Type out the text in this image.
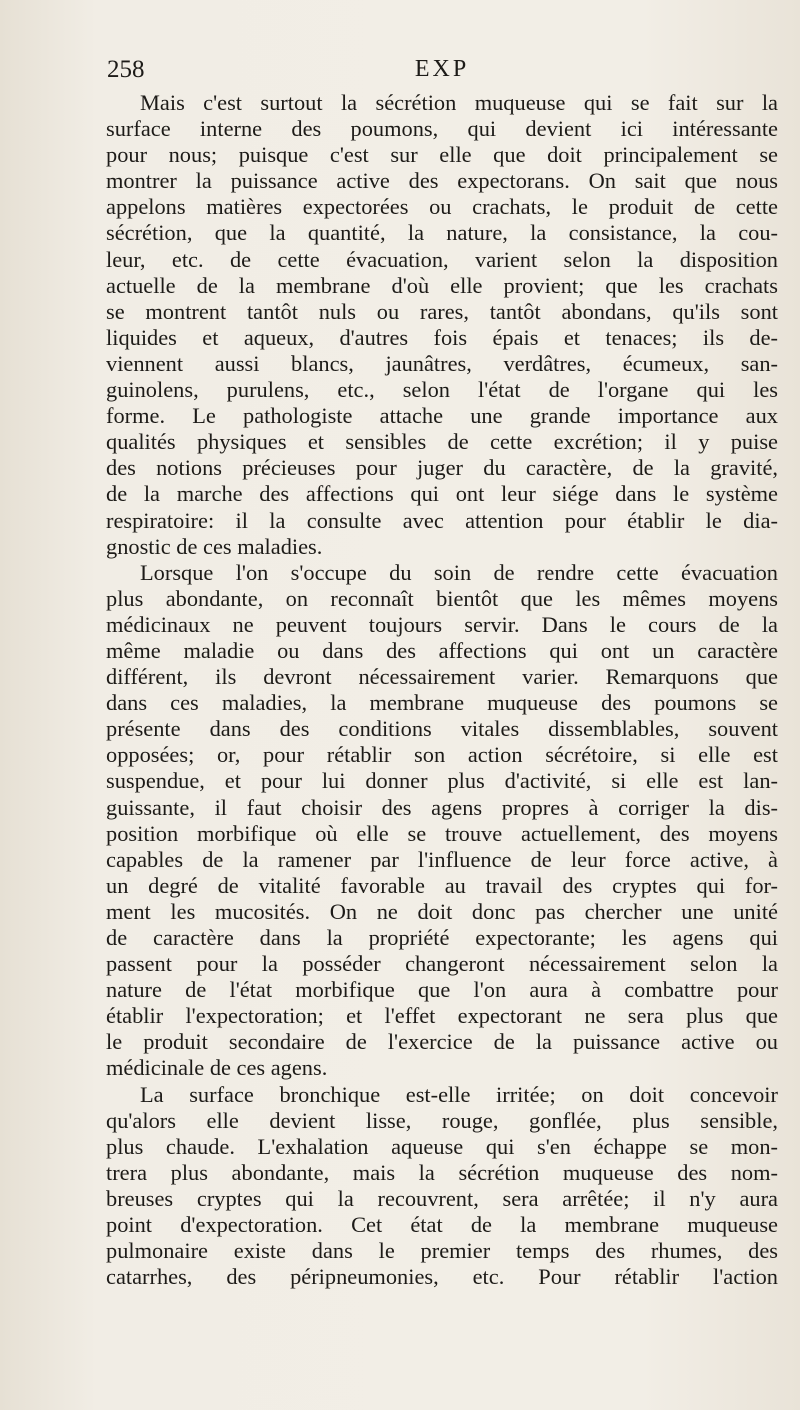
258	EXP
Mais c'est surtout la sécrétion muqueuse qui se fait sur la
surface interne des poumons, qui devient ici intéressante
pour nous; puisque c'est sur elle que doit principalement se
montrer la puissance active des expectorans. On sait que nous
appelons matières expectorées ou crachats, le produit de cette
sécrétion, que la quantité, la nature, la consistance, la cou-
leur, etc. de cette évacuation, varient selon la disposition
actuelle de la membrane d'où elle provient; que les crachats
se montrent tantôt nuls ou rares, tantôt abondans, qu'ils sont
liquides et aqueux, d'autres fois épais et tenaces; ils de-
viennent aussi blancs, jaunâtres, verdâtres, écumeux, san-
guinolens, purulens, etc., selon l'état de l'organe qui les
forme. Le pathologiste attache une grande importance aux
qualités physiques et sensibles de cette excrétion; il y puise
des notions précieuses pour juger du caractère, de la gravité,
de la marche des affections qui ont leur siége dans le système
respiratoire: il la consulte avec attention pour établir le dia-
gnostic de ces maladies.
Lorsque l'on s'occupe du soin de rendre cette évacuation
plus abondante, on reconnaît bientôt que les mêmes moyens
médicinaux ne peuvent toujours servir. Dans le cours de la
même maladie ou dans des affections qui ont un caractère
différent, ils devront nécessairement varier. Remarquons que
dans ces maladies, la membrane muqueuse des poumons se
présente dans des conditions vitales dissemblables, souvent
opposées; or, pour rétablir son action sécrétoire, si elle est
suspendue, et pour lui donner plus d'activité, si elle est lan-
guissante, il faut choisir des agens propres à corriger la dis-
position morbifique où elle se trouve actuellement, des moyens
capables de la ramener par l'influence de leur force active, à
un degré de vitalité favorable au travail des cryptes qui for-
ment les mucosités. On ne doit donc pas chercher une unité
de caractère dans la propriété expectorante; les agens qui
passent pour la posséder changeront nécessairement selon la
nature de l'état morbifique que l'on aura à combattre pour
établir l'expectoration; et l'effet expectorant ne sera plus que
le produit secondaire de l'exercice de la puissance active ou
médicinale de ces agens.
La surface bronchique est-elle irritée; on doit concevoir
qu'alors elle devient lisse, rouge, gonflée, plus sensible,
plus chaude. L'exhalation aqueuse qui s'en échappe se mon-
trera plus abondante, mais la sécrétion muqueuse des nom-
breuses cryptes qui la recouvrent, sera arrêtée; il n'y aura
point d'expectoration. Cet état de la membrane muqueuse
pulmonaire existe dans le premier temps des rhumes, des
catarrhes, des péripneumonies, etc. Pour rétablir l'action
